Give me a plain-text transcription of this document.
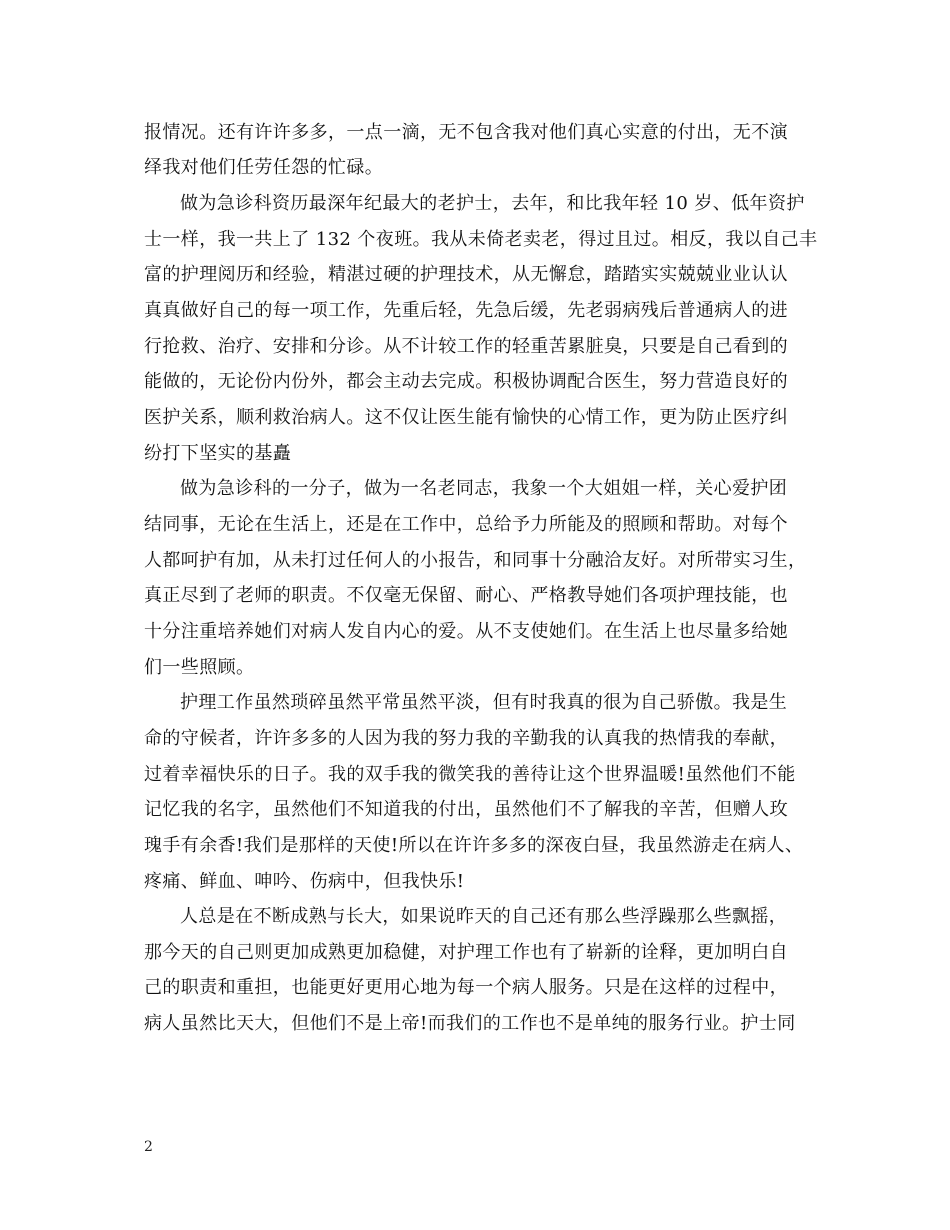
报情况。还有许许多多，一点一滴，无不包含我对他们真心实意的付出，无不演
绎我对他们任劳任怨的忙碌。
做为急诊科资历最深年纪最大的老护士，去年，和比我年轻 10 岁、低年资护
士一样，我一共上了 132 个夜班。我从未倚老卖老，得过且过。相反，我以自己丰
富的护理阅历和经验，精湛过硬的护理技术，从无懈怠，踏踏实实兢兢业业认认
真真做好自己的每一项工作，先重后轻，先急后缓，先老弱病残后普通病人的进
行抢救、治疗、安排和分诊。从不计较工作的轻重苦累脏臭，只要是自己看到的
能做的，无论份内份外，都会主动去完成。积极协调配合医生，努力营造良好的
医护关系，顺利救治病人。这不仅让医生能有愉快的心情工作，更为防止医疗纠
纷打下坚实的基矗
做为急诊科的一分子，做为一名老同志，我象一个大姐姐一样，关心爱护团
结同事，无论在生活上，还是在工作中，总给予力所能及的照顾和帮助。对每个
人都呵护有加，从未打过任何人的小报告，和同事十分融洽友好。对所带实习生，
真正尽到了老师的职责。不仅毫无保留、耐心、严格教导她们各项护理技能，也
十分注重培养她们对病人发自内心的爱。从不支使她们。在生活上也尽量多给她
们一些照顾。
护理工作虽然琐碎虽然平常虽然平淡，但有时我真的很为自己骄傲。我是生
命的守候者，许许多多的人因为我的努力我的辛勤我的认真我的热情我的奉献，
过着幸福快乐的日子。我的双手我的微笑我的善待让这个世界温暖!虽然他们不能
记忆我的名字，虽然他们不知道我的付出，虽然他们不了解我的辛苦，但赠人玫
瑰手有余香!我们是那样的天使!所以在许许多多的深夜白昼，我虽然游走在病人、
疼痛、鲜血、呻吟、伤病中，但我快乐!
人总是在不断成熟与长大，如果说昨天的自己还有那么些浮躁那么些飘摇，
那今天的自己则更加成熟更加稳健，对护理工作也有了崭新的诠释，更加明白自
己的职责和重担，也能更好更用心地为每一个病人服务。只是在这样的过程中，
病人虽然比天大，但他们不是上帝!而我们的工作也不是单纯的服务行业。护士同
2
